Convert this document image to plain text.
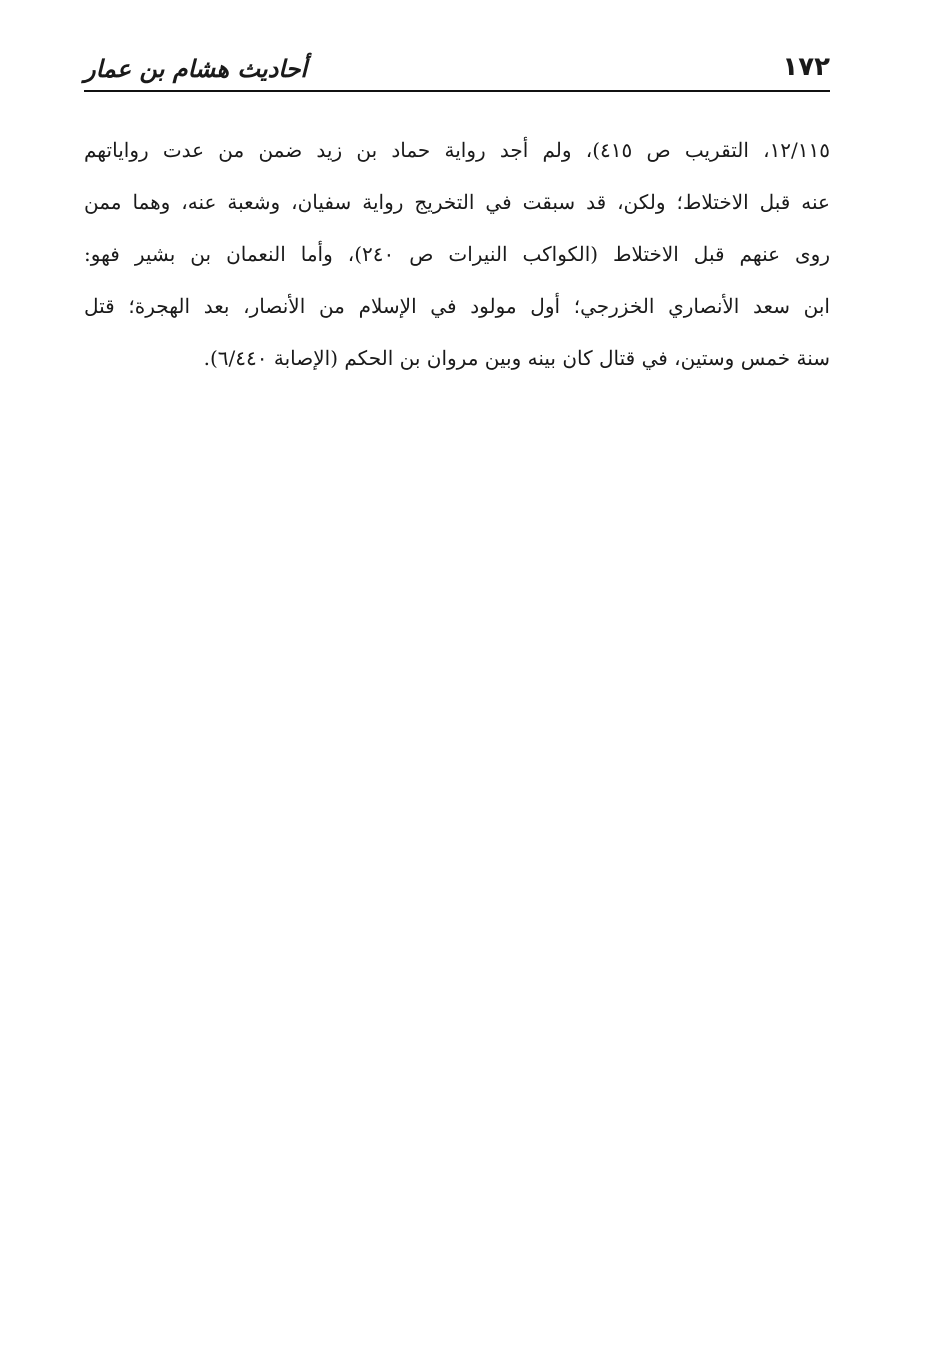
١٧٢
أحاديث هشام بن عمار
١٢/١١٥، التقريب ص ٤١٥)، ولم أجد رواية حماد بن زيد ضمن من عدت رواياتهم
عنه قبل الاختلاط؛ ولكن، قد سبقت في التخريج رواية سفيان، وشعبة عنه، وهما ممن
روى عنهم قبل الاختلاط (الكواكب النيرات ص ٢٤٠)، وأما النعمان بن بشير فهو:
ابن سعد الأنصاري الخزرجي؛ أول مولود في الإسلام من الأنصار، بعد الهجرة؛ قتل
سنة خمس وستين، في قتال كان بينه وبين مروان بن الحكم (الإصابة ٦/٤٤٠).
